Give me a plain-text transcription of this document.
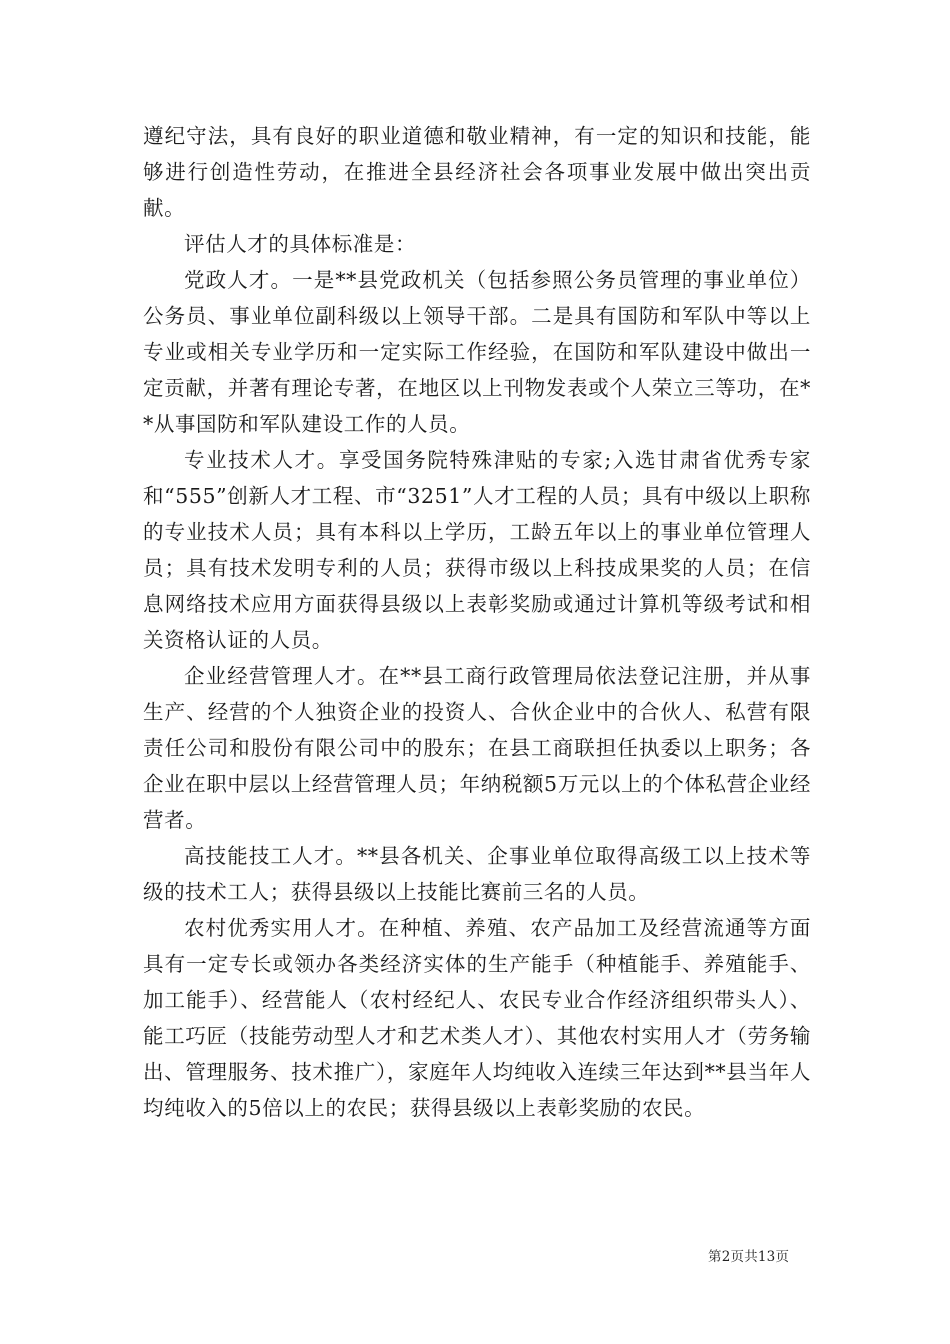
遵纪守法，具有良好的职业道德和敬业精神，有一定的知识和技能，能够进行创造性劳动，在推进全县经济社会各项事业发展中做出突出贡献。

评估人才的具体标准是：

党政人才。一是**县党政机关（包括参照公务员管理的事业单位）公务员、事业单位副科级以上领导干部。二是具有国防和军队中等以上专业或相关专业学历和一定实际工作经验，在国防和军队建设中做出一定贡献，并著有理论专著，在地区以上刊物发表或个人荣立三等功，在**从事国防和军队建设工作的人员。

专业技术人才。享受国务院特殊津贴的专家;入选甘肃省优秀专家和“555”创新人才工程、市“3251”人才工程的人员；具有中级以上职称的专业技术人员；具有本科以上学历，工龄五年以上的事业单位管理人员；具有技术发明专利的人员；获得市级以上科技成果奖的人员；在信息网络技术应用方面获得县级以上表彰奖励或通过计算机等级考试和相关资格认证的人员。

企业经营管理人才。在**县工商行政管理局依法登记注册，并从事生产、经营的个人独资企业的投资人、合伙企业中的合伙人、私营有限责任公司和股份有限公司中的股东；在县工商联担任执委以上职务；各企业在职中层以上经营管理人员；年纳税额5万元以上的个体私营企业经营者。

高技能技工人才。**县各机关、企事业单位取得高级工以上技术等级的技术工人；获得县级以上技能比赛前三名的人员。

农村优秀实用人才。在种植、养殖、农产品加工及经营流通等方面具有一定专长或领办各类经济实体的生产能手（种植能手、养殖能手、加工能手）、经营能人（农村经纪人、农民专业合作经济组织带头人）、能工巧匠（技能劳动型人才和艺术类人才）、其他农村实用人才（劳务输出、管理服务、技术推广），家庭年人均纯收入连续三年达到**县当年人均纯收入的5倍以上的农民；获得县级以上表彰奖励的农民。

第2页共13页
